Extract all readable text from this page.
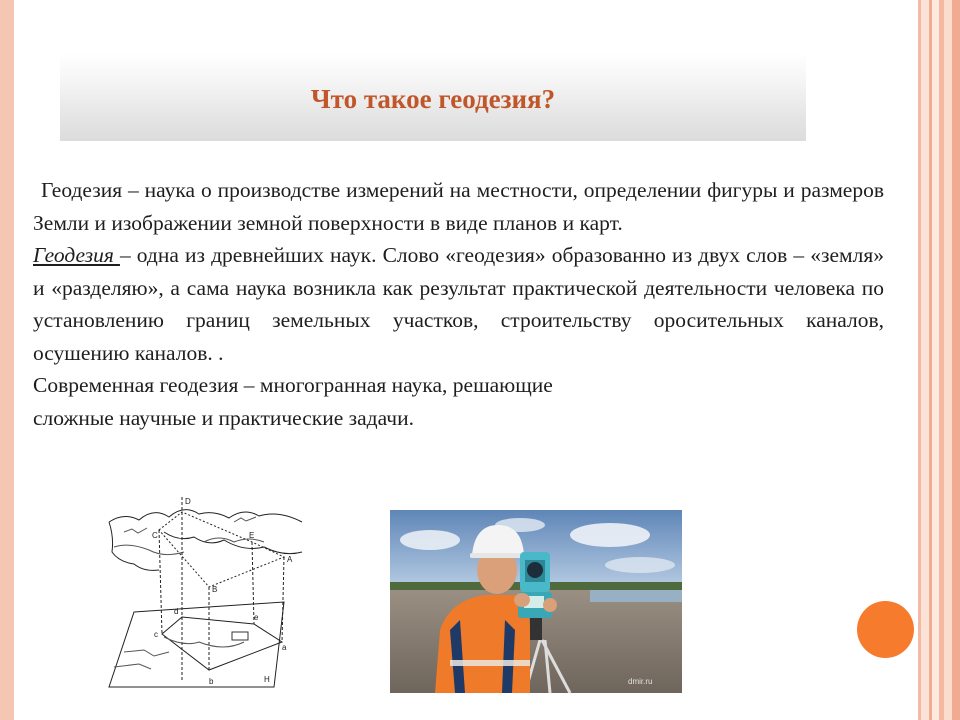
Что такое геодезия?

Геодезия – наука о производстве измерений на местности, определении фигуры и размеров Земли и изображении земной поверхности в виде планов и карт.

Геодезия – одна из древнейших наук. Слово «геодезия» образованно из двух слов – «земля» и «разделяю», а сама наука возникла как результат практической деятельности человека по установлению границ земельных участков, строительству оросительных каналов, осушению каналов. .

Современная геодезия – многогранная наука, решающие

сложные научные и практические задачи.

D
C	E
A
B
d
c
e
a
b	H	dmir.ru
